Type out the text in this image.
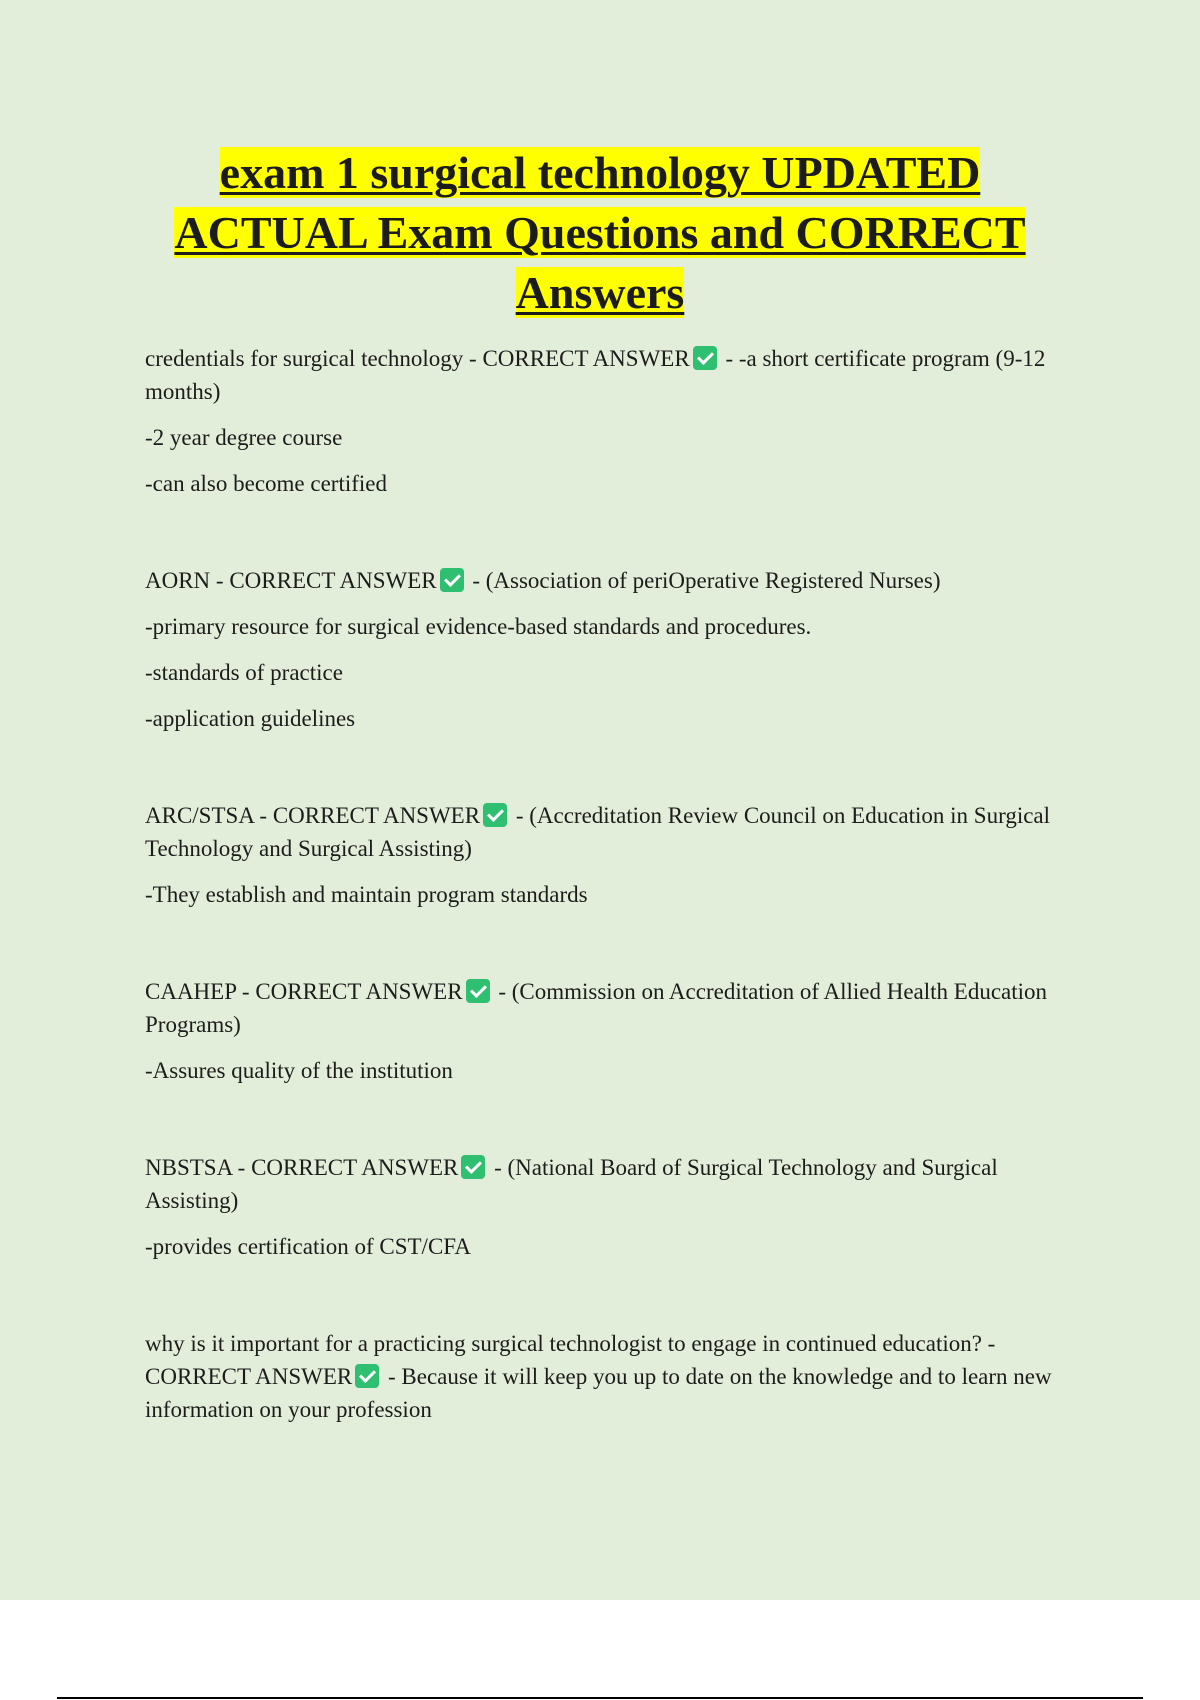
exam 1 surgical technology UPDATED
ACTUAL Exam Questions and CORRECT
Answers

credentials for surgical technology - CORRECT ANSWER - -a short certificate program (9-12 months)

-2 year degree course

-can also become certified

AORN - CORRECT ANSWER - (Association of periOperative Registered Nurses)

-primary resource for surgical evidence-based standards and procedures.

-standards of practice

-application guidelines

ARC/STSA - CORRECT ANSWER - (Accreditation Review Council on Education in Surgical Technology and Surgical Assisting)

-They establish and maintain program standards

CAAHEP - CORRECT ANSWER - (Commission on Accreditation of Allied Health Education Programs)

-Assures quality of the institution

NBSTSA - CORRECT ANSWER - (National Board of Surgical Technology and Surgical Assisting)

-provides certification of CST/CFA

why is it important for a practicing surgical technologist to engage in continued education? - CORRECT ANSWER - Because it will keep you up to date on the knowledge and to learn new information on your profession
